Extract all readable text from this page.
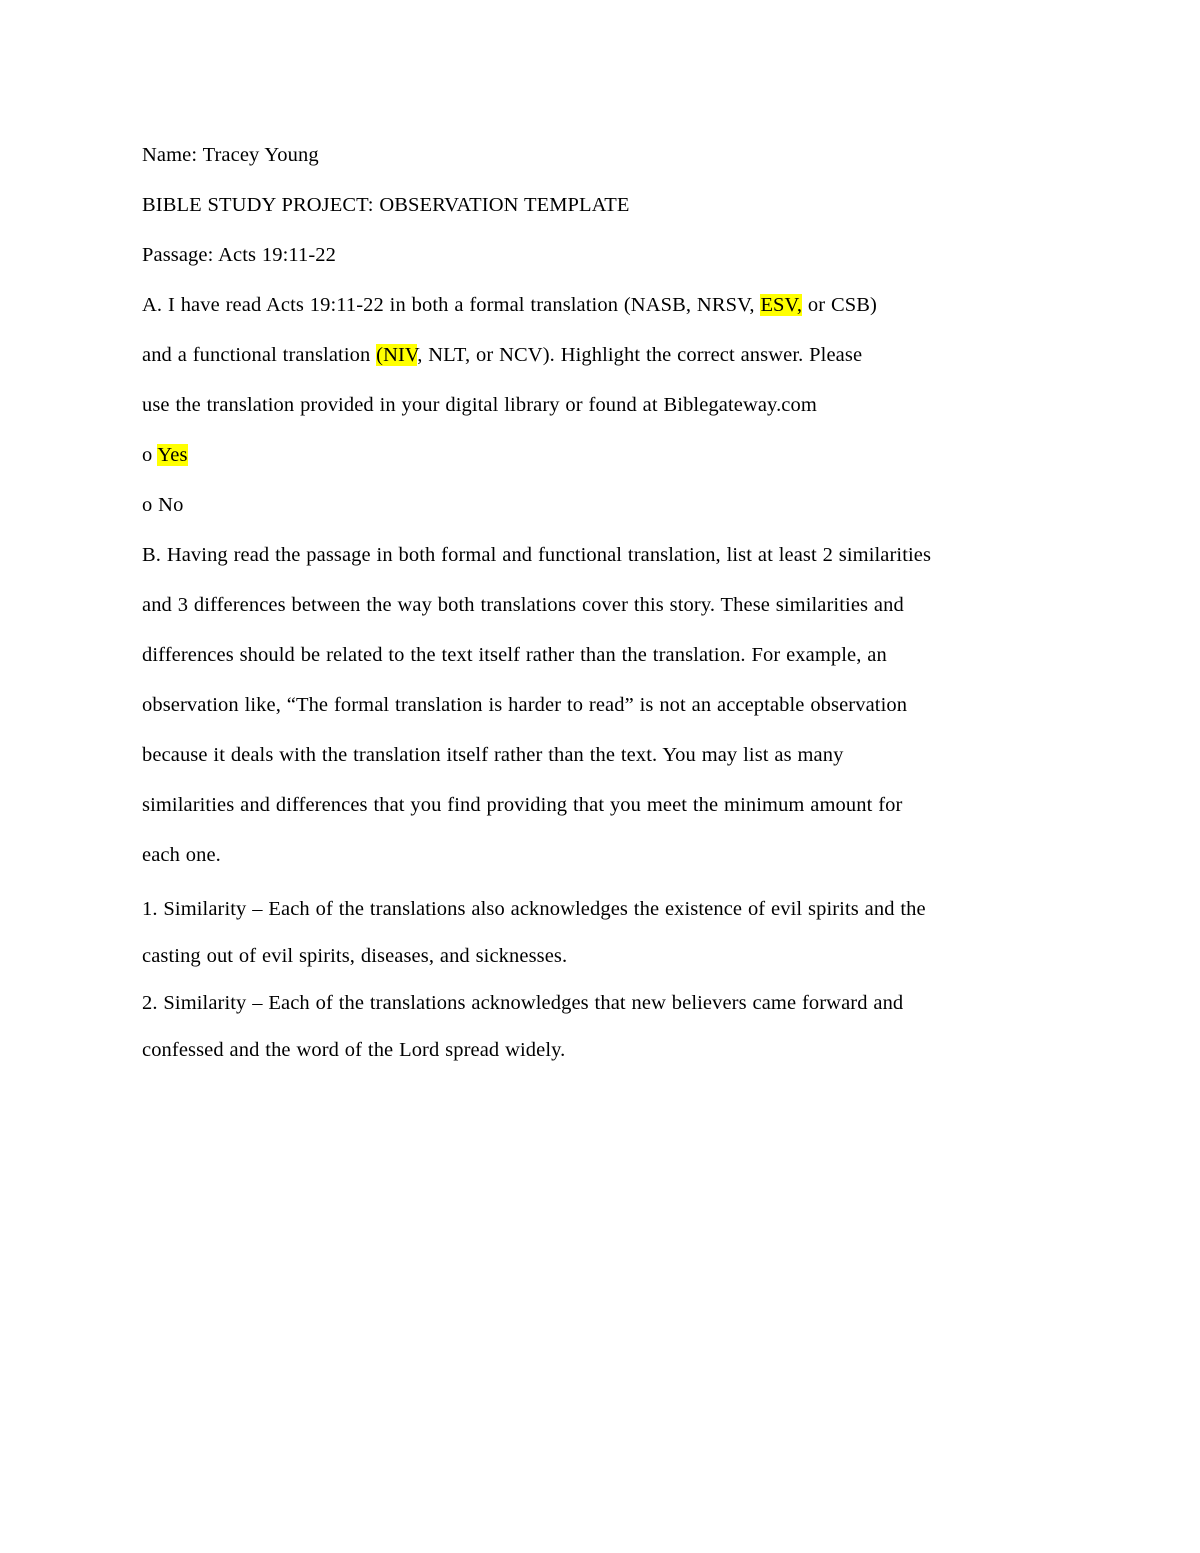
Name: Tracey Young

BIBLE STUDY PROJECT: OBSERVATION TEMPLATE

Passage: Acts 19:11-22

A. I have read Acts 19:11-22 in both a formal translation (NASB, NRSV, ESV, or CSB)

and a functional translation (NIV, NLT, or NCV). Highlight the correct answer. Please

use the translation provided in your digital library or found at Biblegateway.com

o Yes

o No

B. Having read the passage in both formal and functional translation, list at least 2 similarities

and 3 differences between the way both translations cover this story. These similarities and

differences should be related to the text itself rather than the translation. For example, an

observation like, “The formal translation is harder to read” is not an acceptable observation

because it deals with the translation itself rather than the text. You may list as many

similarities and differences that you find providing that you meet the minimum amount for

each one.

1. Similarity – Each of the translations also acknowledges the existence of evil spirits and the

casting out of evil spirits, diseases, and sicknesses.

2. Similarity – Each of the translations acknowledges that new believers came forward and

confessed and the word of the Lord spread widely.
